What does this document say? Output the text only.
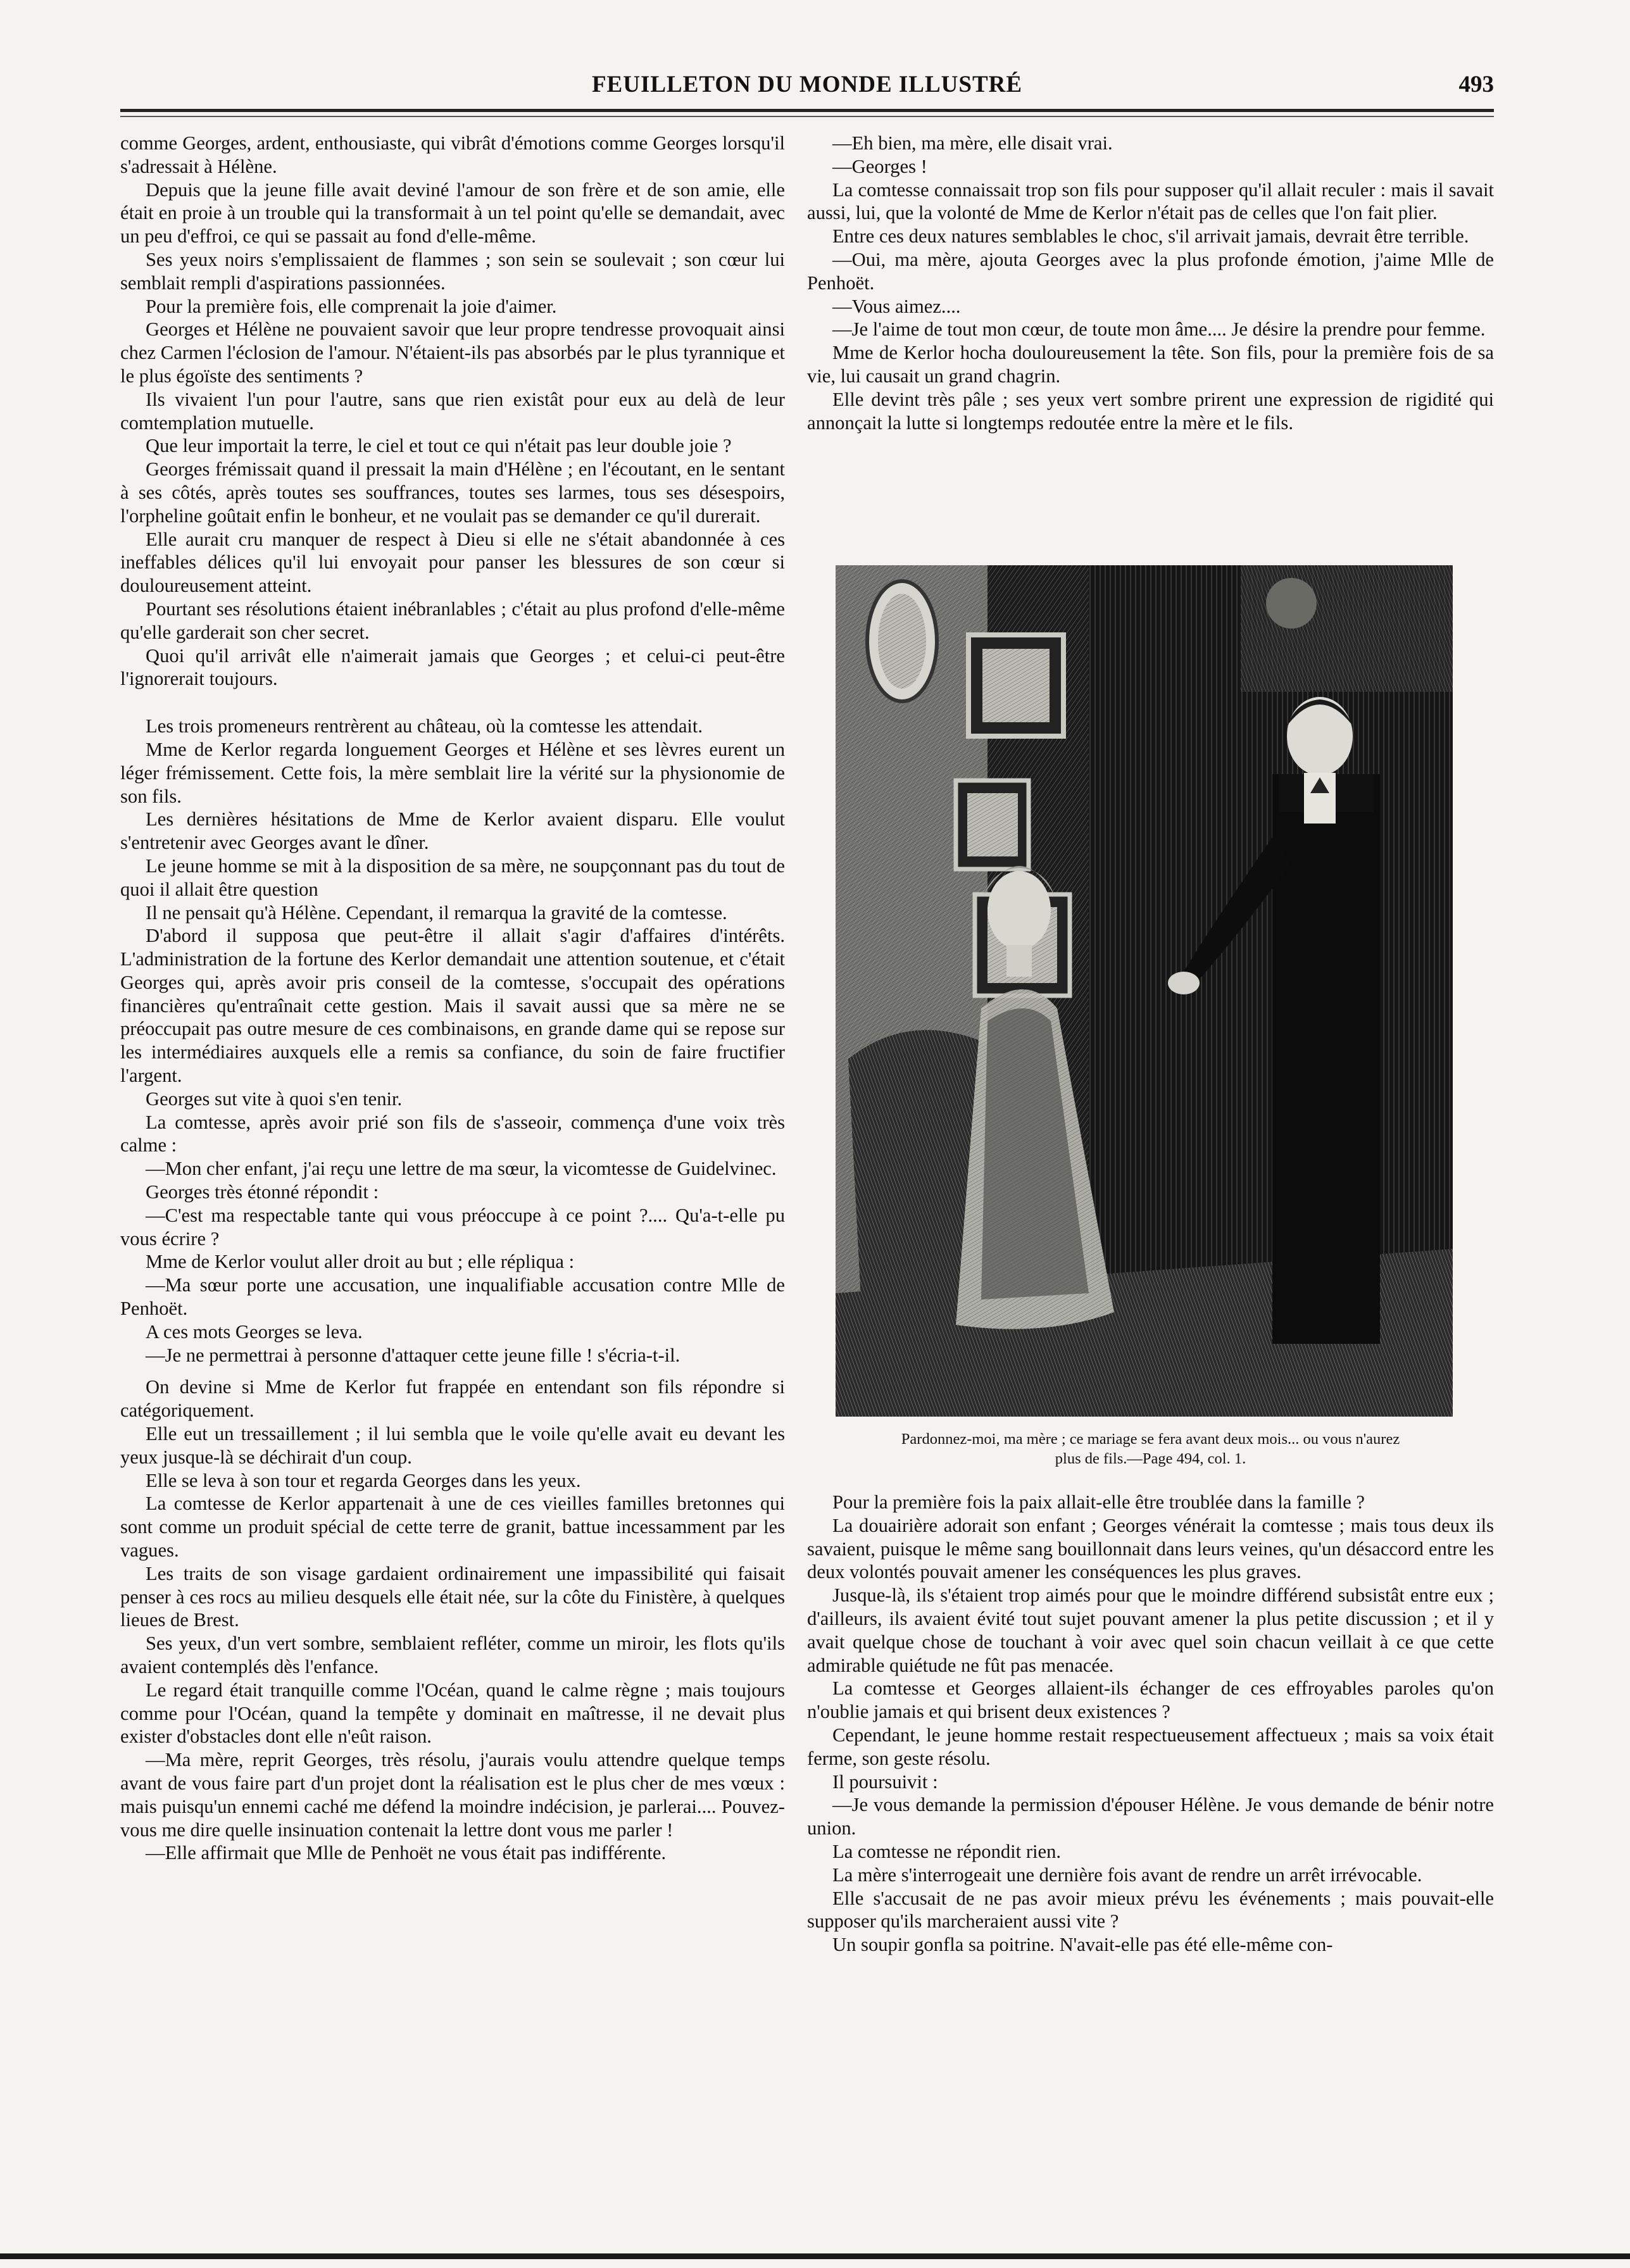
FEUILLETON DU MONDE ILLUSTRÉ	493

comme Georges, ardent, enthousiaste, qui vibrât d'émotions comme Georges lorsqu'il s'adressait à Hélène.

Depuis que la jeune fille avait deviné l'amour de son frère et de son amie, elle était en proie à un trouble qui la transformait à un tel point qu'elle se demandait, avec un peu d'effroi, ce qui se passait au fond d'elle-même.

Ses yeux noirs s'emplissaient de flammes ; son sein se soulevait ; son cœur lui semblait rempli d'aspirations passionnées.

Pour la première fois, elle comprenait la joie d'aimer.

Georges et Hélène ne pouvaient savoir que leur propre tendresse provoquait ainsi chez Carmen l'éclosion de l'amour. N'étaient-ils pas absorbés par le plus tyrannique et le plus égoïste des sentiments ?

Ils vivaient l'un pour l'autre, sans que rien existât pour eux au delà de leur comtemplation mutuelle.

Que leur importait la terre, le ciel et tout ce qui n'était pas leur double joie ?

Georges frémissait quand il pressait la main d'Hélène ; en l'écoutant, en le sentant à ses côtés, après toutes ses souffrances, toutes ses larmes, tous ses désespoirs, l'orpheline goûtait enfin le bonheur, et ne voulait pas se demander ce qu'il durerait.

Elle aurait cru manquer de respect à Dieu si elle ne s'était abandonnée à ces ineffables délices qu'il lui envoyait pour panser les blessures de son cœur si douloureusement atteint.

Pourtant ses résolutions étaient inébranlables ; c'était au plus profond d'elle-même qu'elle garderait son cher secret.

Quoi qu'il arrivât elle n'aimerait jamais que Georges ; et celui-ci peut-être l'ignorerait toujours.

Les trois promeneurs rentrèrent au château, où la comtesse les attendait.

Mme de Kerlor regarda longuement Georges et Hélène et ses lèvres eurent un léger frémissement. Cette fois, la mère semblait lire la vérité sur la physionomie de son fils.

Les dernières hésitations de Mme de Kerlor avaient disparu. Elle voulut s'entretenir avec Georges avant le dîner.

Le jeune homme se mit à la disposition de sa mère, ne soupçonnant pas du tout de quoi il allait être question

Il ne pensait qu'à Hélène. Cependant, il remarqua la gravité de la comtesse.

D'abord il supposa que peut-être il allait s'agir d'affaires d'intérêts. L'administration de la fortune des Kerlor demandait une attention soutenue, et c'était Georges qui, après avoir pris conseil de la comtesse, s'occupait des opérations financières qu'entraînait cette gestion. Mais il savait aussi que sa mère ne se préoccupait pas outre mesure de ces combinaisons, en grande dame qui se repose sur les intermédiaires auxquels elle a remis sa confiance, du soin de faire fructifier l'argent.

Georges sut vite à quoi s'en tenir.

La comtesse, après avoir prié son fils de s'asseoir, commença d'une voix très calme :

—Mon cher enfant, j'ai reçu une lettre de ma sœur, la vicomtesse de Guidelvinec.

Georges très étonné répondit :

—C'est ma respectable tante qui vous préoccupe à ce point ?.... Qu'a-t-elle pu vous écrire ?

Mme de Kerlor voulut aller droit au but ; elle répliqua :

—Ma sœur porte une accusation, une inqualifiable accusation contre Mlle de Penhoët.

A ces mots Georges se leva.

—Je ne permettrai à personne d'attaquer cette jeune fille ! s'écria-t-il.

On devine si Mme de Kerlor fut frappée en entendant son fils répondre si catégoriquement.

Elle eut un tressaillement ; il lui sembla que le voile qu'elle avait eu devant les yeux jusque-là se déchirait d'un coup.

Elle se leva à son tour et regarda Georges dans les yeux.

La comtesse de Kerlor appartenait à une de ces vieilles familles bretonnes qui sont comme un produit spécial de cette terre de granit, battue incessamment par les vagues.

Les traits de son visage gardaient ordinairement une impassibilité qui faisait penser à ces rocs au milieu desquels elle était née, sur la côte du Finistère, à quelques lieues de Brest.

Ses yeux, d'un vert sombre, semblaient refléter, comme un miroir, les flots qu'ils avaient contemplés dès l'enfance.

Le regard était tranquille comme l'Océan, quand le calme règne ; mais toujours comme pour l'Océan, quand la tempête y dominait en maîtresse, il ne devait plus exister d'obstacles dont elle n'eût raison.

—Ma mère, reprit Georges, très résolu, j'aurais voulu attendre quelque temps avant de vous faire part d'un projet dont la réalisation est le plus cher de mes vœux : mais puisqu'un ennemi caché me défend la moindre indécision, je parlerai.... Pouvez-vous me dire quelle insinuation contenait la lettre dont vous me parler !

—Elle affirmait que Mlle de Penhoët ne vous était pas indifférente.

—Eh bien, ma mère, elle disait vrai.

—Georges !

La comtesse connaissait trop son fils pour supposer qu'il allait reculer : mais il savait aussi, lui, que la volonté de Mme de Kerlor n'était pas de celles que l'on fait plier.

Entre ces deux natures semblables le choc, s'il arrivait jamais, devrait être terrible.

—Oui, ma mère, ajouta Georges avec la plus profonde émotion, j'aime Mlle de Penhoët.

—Vous aimez....

—Je l'aime de tout mon cœur, de toute mon âme.... Je désire la prendre pour femme.

Mme de Kerlor hocha douloureusement la tête. Son fils, pour la première fois de sa vie, lui causait un grand chagrin.

Elle devint très pâle ; ses yeux vert sombre prirent une expression de rigidité qui annonçait la lutte si longtemps redoutée entre la mère et le fils.

Pardonnez-moi, ma mère ; ce mariage se fera avant deux mois... ou vous n'aurez
plus de fils.—Page 494, col. 1.

Pour la première fois la paix allait-elle être troublée dans la famille ?

La douairière adorait son enfant ; Georges vénérait la comtesse ; mais tous deux ils savaient, puisque le même sang bouillonnait dans leurs veines, qu'un désaccord entre les deux volontés pouvait amener les conséquences les plus graves.

Jusque-là, ils s'étaient trop aimés pour que le moindre différend subsistât entre eux ; d'ailleurs, ils avaient évité tout sujet pouvant amener la plus petite discussion ; et il y avait quelque chose de touchant à voir avec quel soin chacun veillait à ce que cette admirable quiétude ne fût pas menacée.

La comtesse et Georges allaient-ils échanger de ces effroyables paroles qu'on n'oublie jamais et qui brisent deux existences ?

Cependant, le jeune homme restait respectueusement affectueux ; mais sa voix était ferme, son geste résolu.

Il poursuivit :

—Je vous demande la permission d'épouser Hélène. Je vous demande de bénir notre union.

La comtesse ne répondit rien.

La mère s'interrogeait une dernière fois avant de rendre un arrêt irrévocable.

Elle s'accusait de ne pas avoir mieux prévu les événements ; mais pouvait-elle supposer qu'ils marcheraient aussi vite ?

Un soupir gonfla sa poitrine. N'avait-elle pas été elle-même con-
